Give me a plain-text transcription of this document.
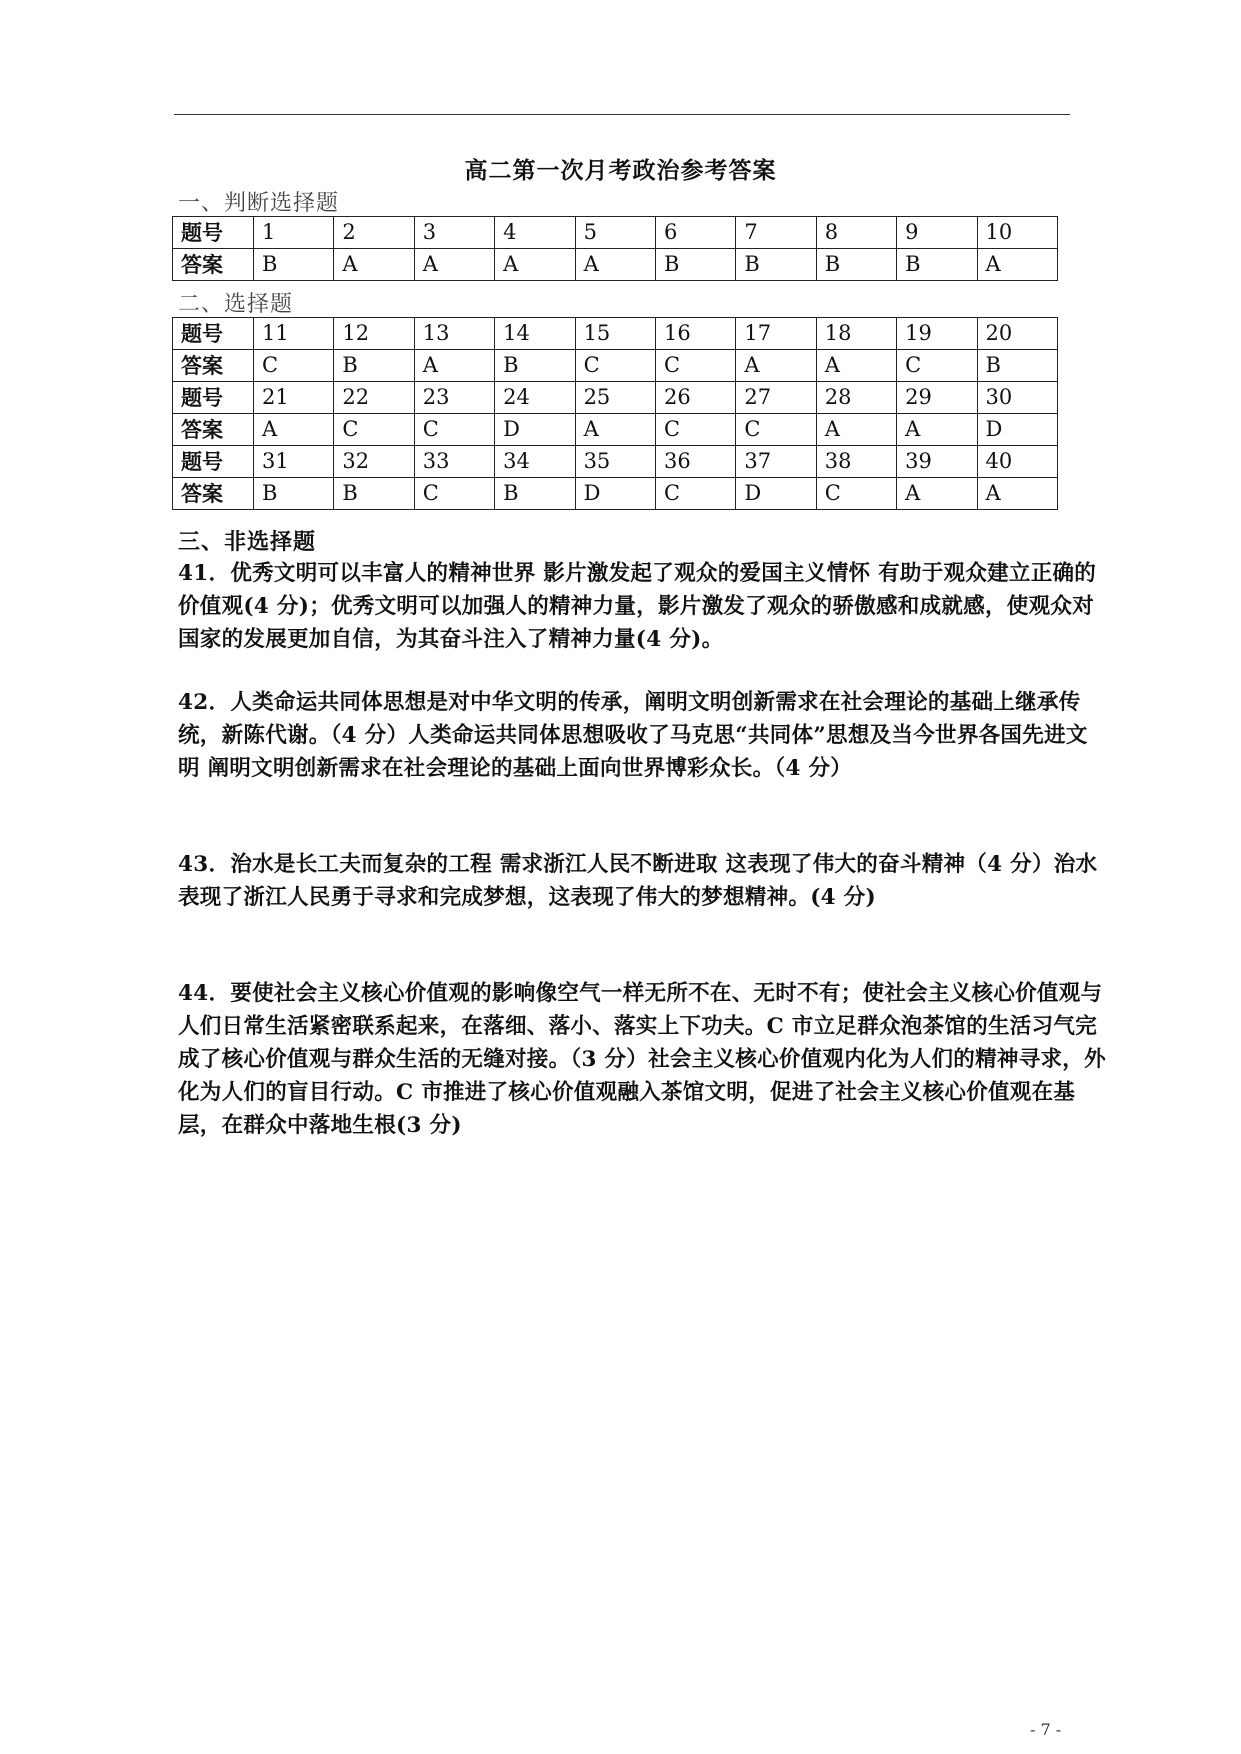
高二第一次月考政治参考答案
一、判断选择题
题号	1	2	3	4	5	6	7	8	9	10
答案	B	A	A	A	A	B	B	B	B	A
二、选择题
题号	11	12	13	14	15	16	17	18	19	20
答案	C	B	A	B	C	C	A	A	C	B
题号	21	22	23	24	25	26	27	28	29	30
答案	A	C	C	D	A	C	C	A	A	D
题号	31	32	33	34	35	36	37	38	39	40
答案	B	B	C	B	D	C	D	C	A	A
三、非选择题

41．优秀文明可以丰富人的精神世界 影片激发起了观众的爱国主义情怀 有助于观众建立正确的价值观(4 分)；优秀文明可以加强人的精神力量，影片激发了观众的骄傲感和成就感，使观众对国家的发展更加自信，为其奋斗注入了精神力量(4 分)。

42．人类命运共同体思想是对中华文明的传承，阐明文明创新需求在社会理论的基础上继承传统，新陈代谢。（4 分）人类命运共同体思想吸收了马克思“共同体”思想及当今世界各国先进文明 阐明文明创新需求在社会理论的基础上面向世界博彩众长。（4 分）

43．治水是长工夫而复杂的工程 需求浙江人民不断进取 这表现了伟大的奋斗精神（4 分）治水表现了浙江人民勇于寻求和完成梦想，这表现了伟大的梦想精神。(4 分)

44．要使社会主义核心价值观的影响像空气一样无所不在、无时不有；使社会主义核心价值观与人们日常生活紧密联系起来，在落细、落小、落实上下功夫。C 市立足群众泡茶馆的生活习气完成了核心价值观与群众生活的无缝对接。（3 分）社会主义核心价值观内化为人们的精神寻求，外化为人们的盲目行动。C 市推进了核心价值观融入茶馆文明，促进了社会主义核心价值观在基层，在群众中落地生根(3 分)

- 7 -
